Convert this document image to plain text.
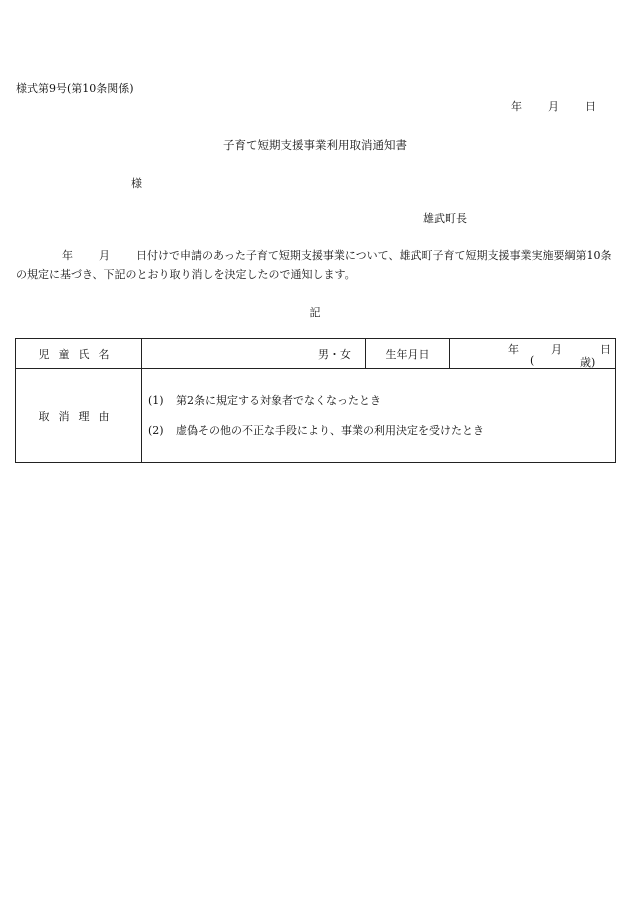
様式第9号(第10条関係)
年 月 日
子育て短期支援事業利用取消通知書
様
雄武町長
年 月 日付けで申請のあった子育て短期支援事業について、雄武町子育て短期支援事業実施要綱第10条の規定に基づき、下記のとおり取り消しを決定したので通知します。
記
児童氏名	男・女	生年月日	年 月 日
( 歳)

取消理由	(1) 第2条に規定する対象者でなくなったとき
(2) 虚偽その他の不正な手段により、事業の利用決定を受けたとき		
